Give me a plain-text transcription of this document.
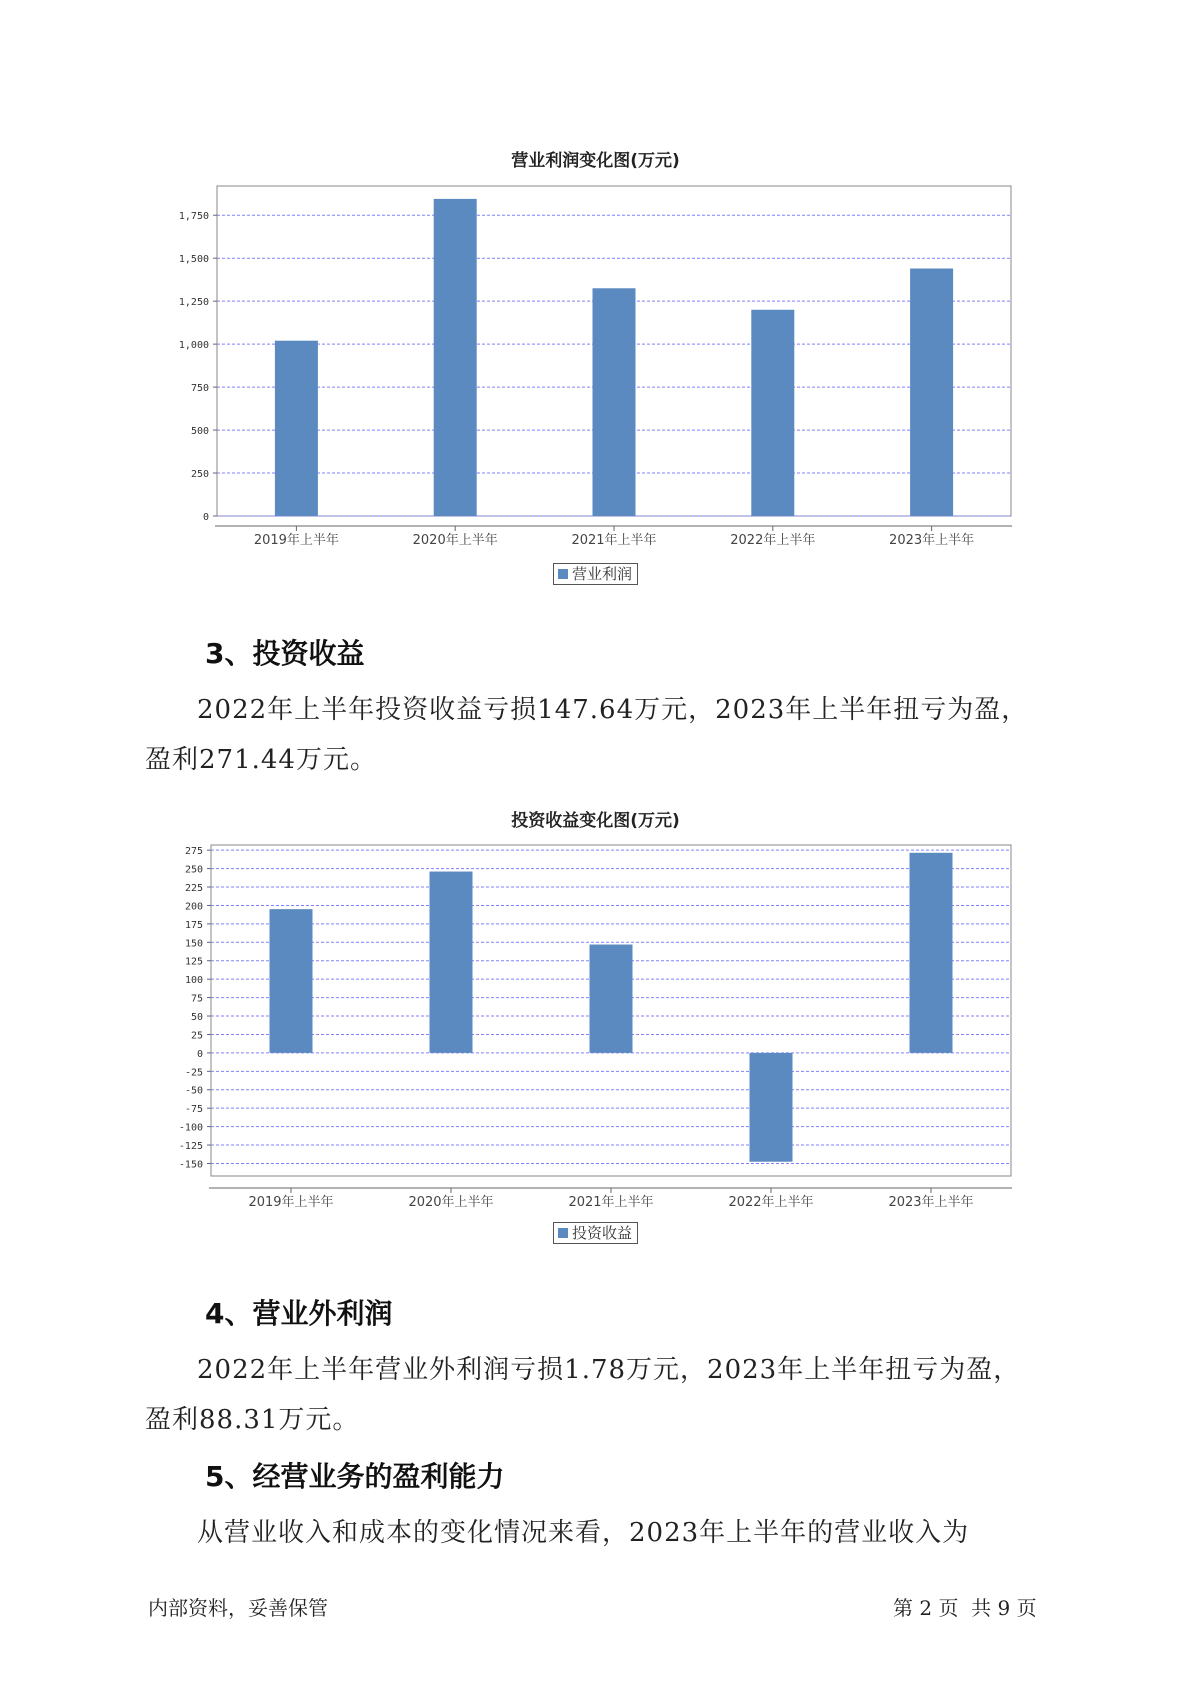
营业利润变化图(万元)
0
250
500
750
1,000
1,250
1,500
1,750
2019年上半年	2020年上半年	2021年上半年	2022年上半年	2023年上半年
营业利润
3、投资收益

2022年上半年投资收益亏损147.64万元，2023年上半年扭亏为盈，盈利271.44万元。

投资收益变化图(万元)
275
250
225
200
175
150
125
100
75
50
25
0
-25
-50
-75
-100
-125
-150
2019年上半年	2020年上半年	2021年上半年	2022年上半年	2023年上半年
投资收益
4、营业外利润

2022年上半年营业外利润亏损1.78万元，2023年上半年扭亏为盈，盈利88.31万元。

5、经营业务的盈利能力

从营业收入和成本的变化情况来看，2023年上半年的营业收入为

内部资料，妥善保管	第 2 页  共 9 页
